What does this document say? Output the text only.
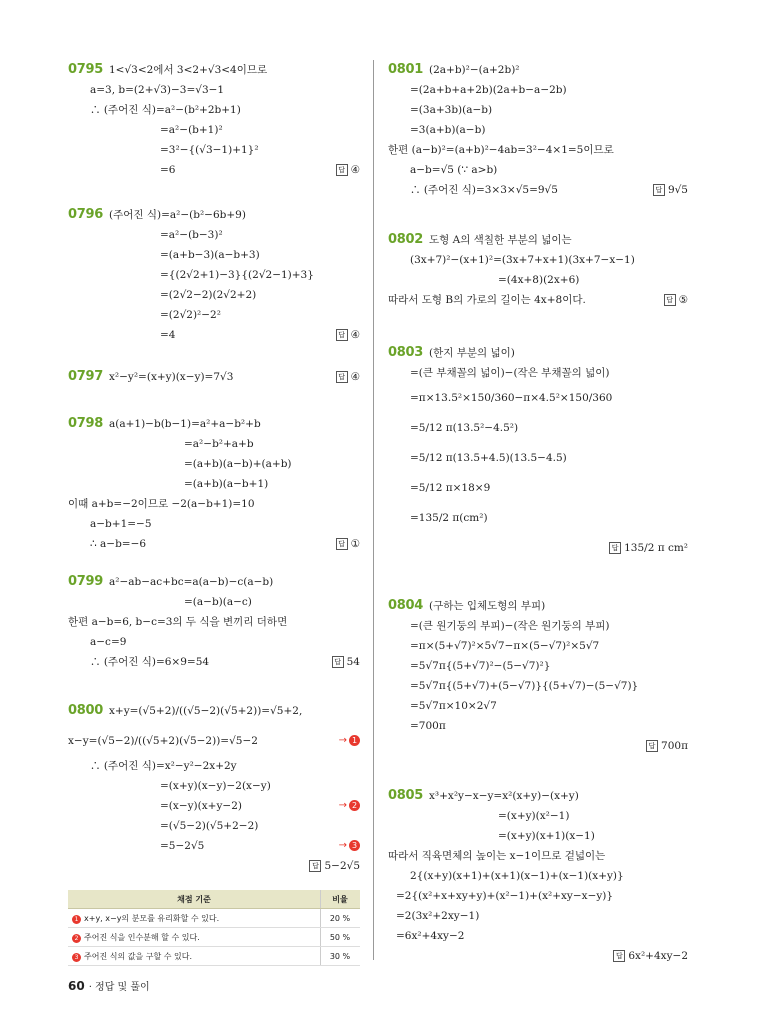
0795 1<√3<2에서 3<2+√3<4이므로
a=3, b=(2+√3)−3=√3−1
∴ (주어진 식)=a²−(b²+2b+1)
=a²−(b+1)²
=3²−{(√3−1)+1}²
=6	답 ④
0796 (주어진 식)=a²−(b²−6b+9)
=a²−(b−3)²
=(a+b−3)(a−b+3)
={(2√2+1)−3}{(2√2−1)+3}
=(2√2−2)(2√2+2)
=(2√2)²−2²
=4	답 ④
0797 x²−y²=(x+y)(x−y)=7√3	답 ④
0798 a(a+1)−b(b−1)=a²+a−b²+b
=a²−b²+a+b
=(a+b)(a−b)+(a+b)
=(a+b)(a−b+1)
이때 a+b=−2이므로 −2(a−b+1)=10
a−b+1=−5
∴ a−b=−6	답 ①
0799 a²−ab−ac+bc=a(a−b)−c(a−b)
=(a−b)(a−c)
한편 a−b=6, b−c=3의 두 식을 변끼리 더하면
a−c=9
∴ (주어진 식)=6×9=54	답 54
0800 x+y=(√5+2)/((√5−2)(√5+2))=√5+2,
x−y=(√5−2)/((√5+2)(√5−2))=√5−2	→ 1
∴ (주어진 식)=x²−y²−2x+2y
=(x+y)(x−y)−2(x−y)
=(x−y)(x+y−2)	→ 2
=(√5−2)(√5+2−2)
=5−2√5	→ 3
답 5−2√5
채점 기준	비율
1 x+y, x−y의 분모를 유리화할 수 있다.	20 %
2 주어진 식을 인수분해 할 수 있다.	50 %
3 주어진 식의 값을 구할 수 있다.	30 %
0801 (2a+b)²−(a+2b)²
=(2a+b+a+2b)(2a+b−a−2b)
=(3a+3b)(a−b)
=3(a+b)(a−b)
한편 (a−b)²=(a+b)²−4ab=3²−4×1=5이므로
a−b=√5 (∵ a>b)
∴ (주어진 식)=3×3×√5=9√5	답 9√5
0802 도형 A의 색칠한 부분의 넓이는
(3x+7)²−(x+1)²=(3x+7+x+1)(3x+7−x−1)
=(4x+8)(2x+6)
따라서 도형 B의 가로의 길이는 4x+8이다.	답 ⑤
0803 (한지 부분의 넓이)
=(큰 부채꼴의 넓이)−(작은 부채꼴의 넓이)
=π×13.5²×150/360−π×4.5²×150/360
=5/12 π(13.5²−4.5²)
=5/12 π(13.5+4.5)(13.5−4.5)
=5/12 π×18×9
=135/2 π(cm²)
답 135/2 π cm²
0804 (구하는 입체도형의 부피)
=(큰 원기둥의 부피)−(작은 원기둥의 부피)
=π×(5+√7)²×5√7−π×(5−√7)²×5√7
=5√7π{(5+√7)²−(5−√7)²}
=5√7π{(5+√7)+(5−√7)}{(5+√7)−(5−√7)}
=5√7π×10×2√7
=700π
답 700π
0805 x³+x²y−x−y=x²(x+y)−(x+y)
=(x+y)(x²−1)
=(x+y)(x+1)(x−1)
따라서 직육면체의 높이는 x−1이므로 겉넓이는
2{(x+y)(x+1)+(x+1)(x−1)+(x−1)(x+y)}
=2{(x²+x+xy+y)+(x²−1)+(x²+xy−x−y)}
=2(3x²+2xy−1)
=6x²+4xy−2
답 6x²+4xy−2
60 · 정답 및 풀이
